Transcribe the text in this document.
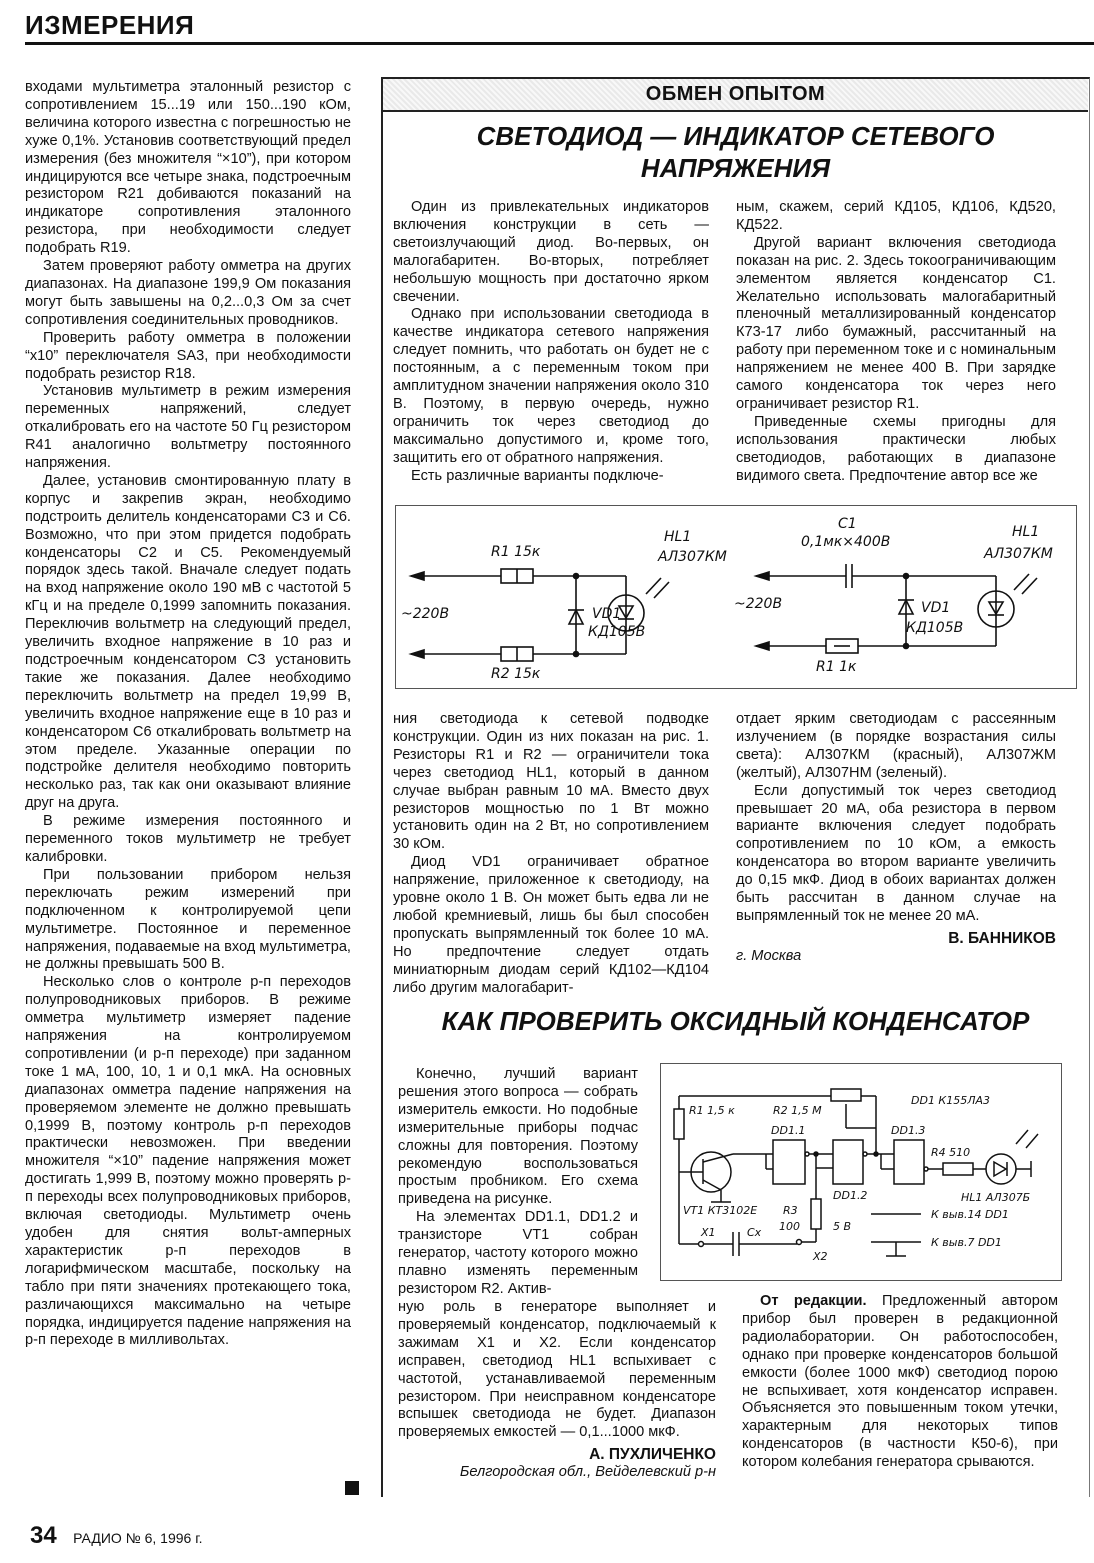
ИЗМЕРЕНИЯ

входами мультиметра эталонный резистор с сопротивлением 15...19 или 150...190 кОм, величина которого известна с погрешностью не хуже 0,1%. Установив соответствующий предел измерения (без множителя “×10”), при котором индицируются все четыре знака, подстроечным резистором R21 добиваются показаний на индикаторе сопротивления эталонного резистора, при необходимости следует подобрать R19.

Затем проверяют работу омметра на других диапазонах. На диапазоне 199,9 Ом показания могут быть завышены на 0,2...0,3 Ом за счет сопротивления соединительных проводников.

Проверить работу омметра в положении “x10” переключателя SA3, при необходимости подобрать резистор R18.

Установив мультиметр в режим измерения переменных напряжений, следует откалибровать его на частоте 50 Гц резистором R41 аналогично вольтметру постоянного напряжения.

Далее, установив смонтированную плату в корпус и закрепив экран, необходимо подстроить делитель конденсаторами С3 и С6. Возможно, что при этом придется подобрать конденсаторы С2 и С5. Рекомендуемый порядок здесь такой. Вначале следует подать на вход напряжение около 190 мВ с частотой 5 кГц и на пределе 0,1999 запомнить показания. Переключив вольтметр на следующий предел, увеличить входное напряжение в 10 раз и подстроечным конденсатором С3 установить такие же показания. Далее необходимо переключить вольтметр на предел 19,99 В, увеличить входное напряжение еще в 10 раз и конденсатором С6 откалибровать вольтметр на этом пределе. Указанные операции по подстройке делителя необходимо повторить несколько раз, так как они оказывают влияние друг на друга.

В режиме измерения постоянного и переменного токов мультиметр не требует калибровки.

При пользовании прибором нельзя переключать режим измерений при подключенном к контролируемой цепи мультиметре. Постоянное и переменное напряжения, подаваемые на вход мультиметра, не должны превышать 500 В.

Несколько слов о контроле р-п переходов полупроводниковых приборов. В режиме омметра мультиметр измеряет падение напряжения на контролируемом сопротивлении (и р-п переходе) при заданном токе 1 мА, 100, 10, 1 и 0,1 мкА. На основных диапазонах омметра падение напряжения на проверяемом элементе не должно превышать 0,1999 В, поэтому контроль р-п переходов практически невозможен. При введении множителя “×10” падение напряжения может достигать 1,999 В, поэтому можно проверять р-п переходы всех полупроводниковых приборов, включая светодиоды. Мультиметр очень удобен для снятия вольт-амперных характеристик р-п переходов в логарифмическом масштабе, поскольку на табло при пяти значениях протекающего тока, различающихся максимально на четыре порядка, индицируется падение напряжения на р-п переходе в милливольтах.

ОБМЕН ОПЫТОМ
СВЕТОДИОД — ИНДИКАТОР СЕТЕВОГО НАПРЯЖЕНИЯ

Один из привлекательных индикаторов включения конструкции в сеть — светоизлучающий диод. Во-первых, он малогабаритен. Во-вторых, потребляет небольшую мощность при достаточно ярком свечении.

Однако при использовании светодиода в качестве индикатора сетевого напряжения следует помнить, что работать он будет не с постоянным, а с переменным током при амплитудном значении напряжения около 310 В. Поэтому, в первую очередь, нужно ограничить ток через светодиод до максимально допустимого и, кроме того, защитить его от обратного напряжения.

Есть различные варианты подключе-

ным, скажем, серий КД105, КД106, КД520, КД522.

Другой вариант включения светодиода показан на рис. 2. Здесь токоограничивающим элементом является конденсатор С1. Желательно использовать малогабаритный пленочный металлизированный конденсатор К73-17 либо бумажный, рассчитанный на работу при переменном токе и с номинальным напряжением не менее 400 В. При зарядке самого конденсатора ток через него ограничивает резистор R1.

Приведенные схемы пригодны для использования практически любых светодиодов, работающих в диапазоне видимого света. Предпочтение автор все же

~220В
R1 15к
R2 15к
VD1
КД105В
HL1
АЛ307КМ
~220В
C1
0,1мк×400В
R1 1к
VD1
КД105В
HL1
АЛ307КМ

ния светодиода к сетевой подводке конструкции. Один из них показан на рис. 1. Резисторы R1 и R2 — ограничители тока через светодиод HL1, который в данном случае выбран равным 10 мА. Вместо двух резисторов мощностью по 1 Вт можно установить один на 2 Вт, но сопротивлением 30 кОм.

Диод VD1 ограничивает обратное напряжение, приложенное к светодиоду, на уровне около 1 В. Он может быть едва ли не любой кремниевый, лишь бы был способен пропускать выпрямленный ток более 10 мА. Но предпочтение следует отдать миниатюрным диодам серий КД102—КД104 либо другим малогабарит-

отдает ярким светодиодам с рассеянным излучением (в порядке возрастания силы света): АЛ307КМ (красный), АЛ307ЖМ (желтый), АЛ307НМ (зеленый).

Если допустимый ток через светодиод превышает 20 мА, оба резистора в первом варианте включения следует подобрать сопротивлением по 10 кОм, а емкость конденсатора во втором варианте увеличить до 0,15 мкФ. Диод в обоих вариантах должен быть рассчитан в данном случае на выпрямленный ток не менее 20 мА.

В. БАННИКОВ
г. Москва
КАК ПРОВЕРИТЬ ОКСИДНЫЙ КОНДЕНСАТОР

Конечно, лучший вариант решения этого вопроса — собрать измеритель емкости. Но подобные измерительные приборы подчас сложны для повторения. Поэтому рекомендую воспользоваться простым пробником. Его схема приведена на рисунке.

На элементах DD1.1, DD1.2 и транзисторе VT1 собран генератор, частоту которого можно плавно изменять переменным резистором R2. Актив-

R1 1,5 к	R2 1,5 М
DD1 К155ЛА3
DD1.1
DD1.2
DD1.3
R4 510
HL1 АЛ307Б
VT1 КТ3102Е R3
100
X1
X2
Cx	5 В
К выв.14 DD1
К выв.7 DD1

ную роль в генераторе выполняет и проверяемый конденсатор, подключаемый к зажимам Х1 и Х2. Если конденсатор исправен, светодиод HL1 вспыхивает с частотой, устанавливаемой переменным резистором. При неисправном конденсаторе вспышек светодиода не будет. Диапазон проверяемых емкостей — 0,1...1000 мкФ.

А. ПУХЛИЧЕНКО
Белгородская обл., Вейделевский р-н

От редакции. Предложенный автором прибор был проверен в редакционной радиолаборатории. Он работоспособен, однако при проверке конденсаторов большой емкости (более 1000 мкФ) светодиод порою не вспыхивает, хотя конденсатор исправен. Объясняется это повышенным током утечки, характерным для некоторых типов конденсаторов (в частности К50-6), при котором колебания генератора срываются.

34 РАДИО № 6, 1996 г.
